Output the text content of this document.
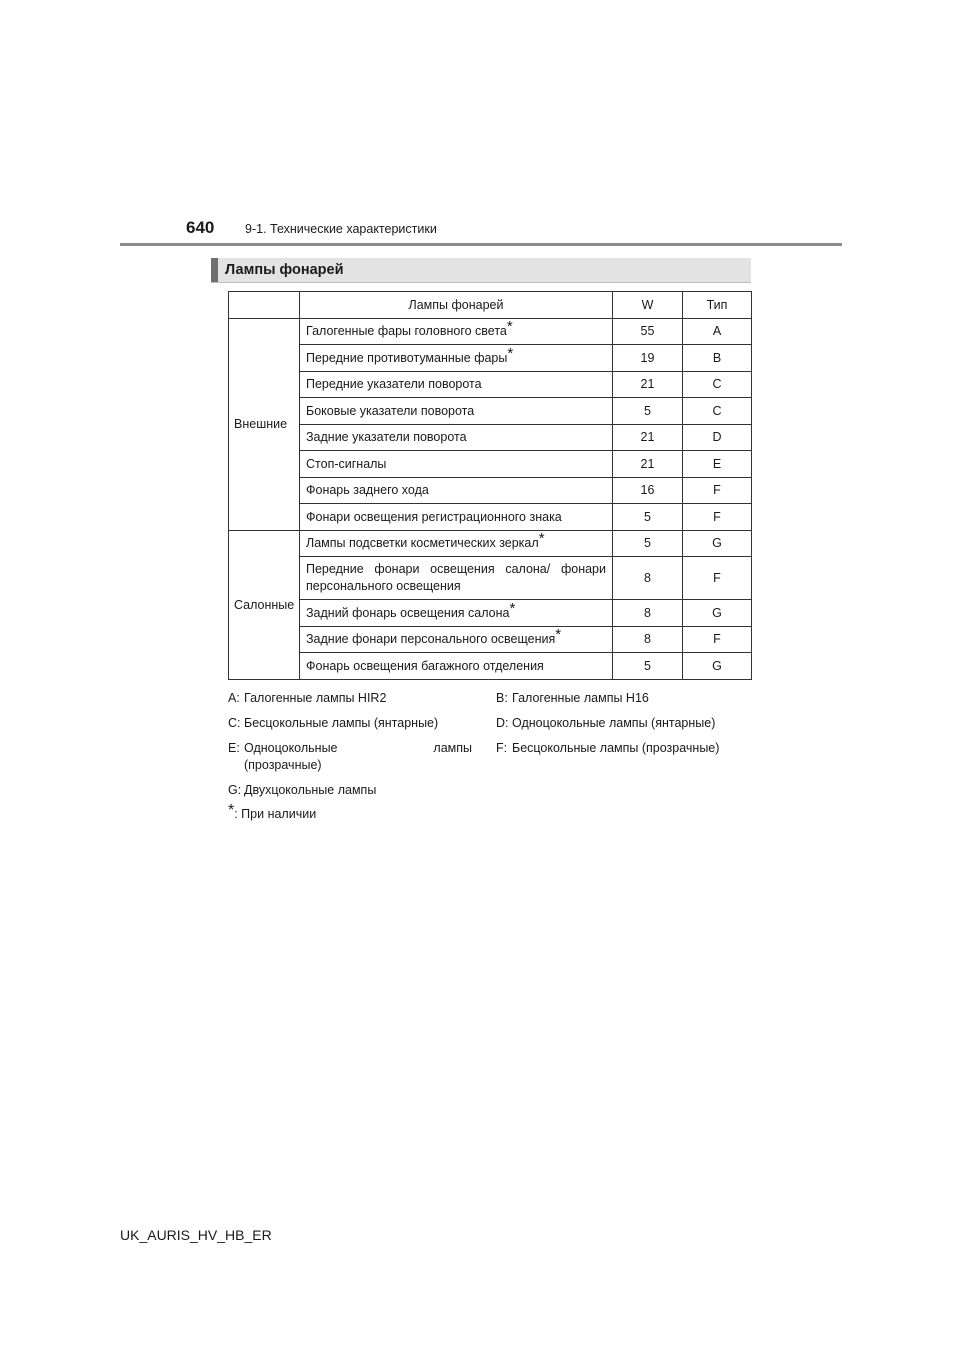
640 9-1. Технические характеристики
Лампы фонарей
	Лампы фонарей	W	Тип
Внешние	Галогенные фары головного света*	55	A
	Передние противотуманные фары*	19	B
	Передние указатели поворота	21	C
	Боковые указатели поворота	5	C
	Задние указатели поворота	21	D
	Стоп-сигналы	21	E
	Фонарь заднего хода	16	F
	Фонари освещения регистрационного знака	5	F
Салонные	Лампы подсветки косметических зеркал*	5	G
	Передние фонари освещения салона/ фонари персонального освещения	8	F
	Задний фонарь освещения салона*	8	G
	Задние фонари персонального освещения*	8	F
	Фонарь освещения багажного отделения	5	G
A: Галогенные лампы HIR2	B: Галогенные лампы H16
C: Бесцокольные лампы (янтарные)	D: Одноцокольные лампы (янтарные)
E: Одноцокольные	лампы
(прозрачные)
F: Бесцокольные лампы (прозрачные)
G: Двухцокольные лампы
*: При наличии
UK_AURIS_HV_HB_ER
